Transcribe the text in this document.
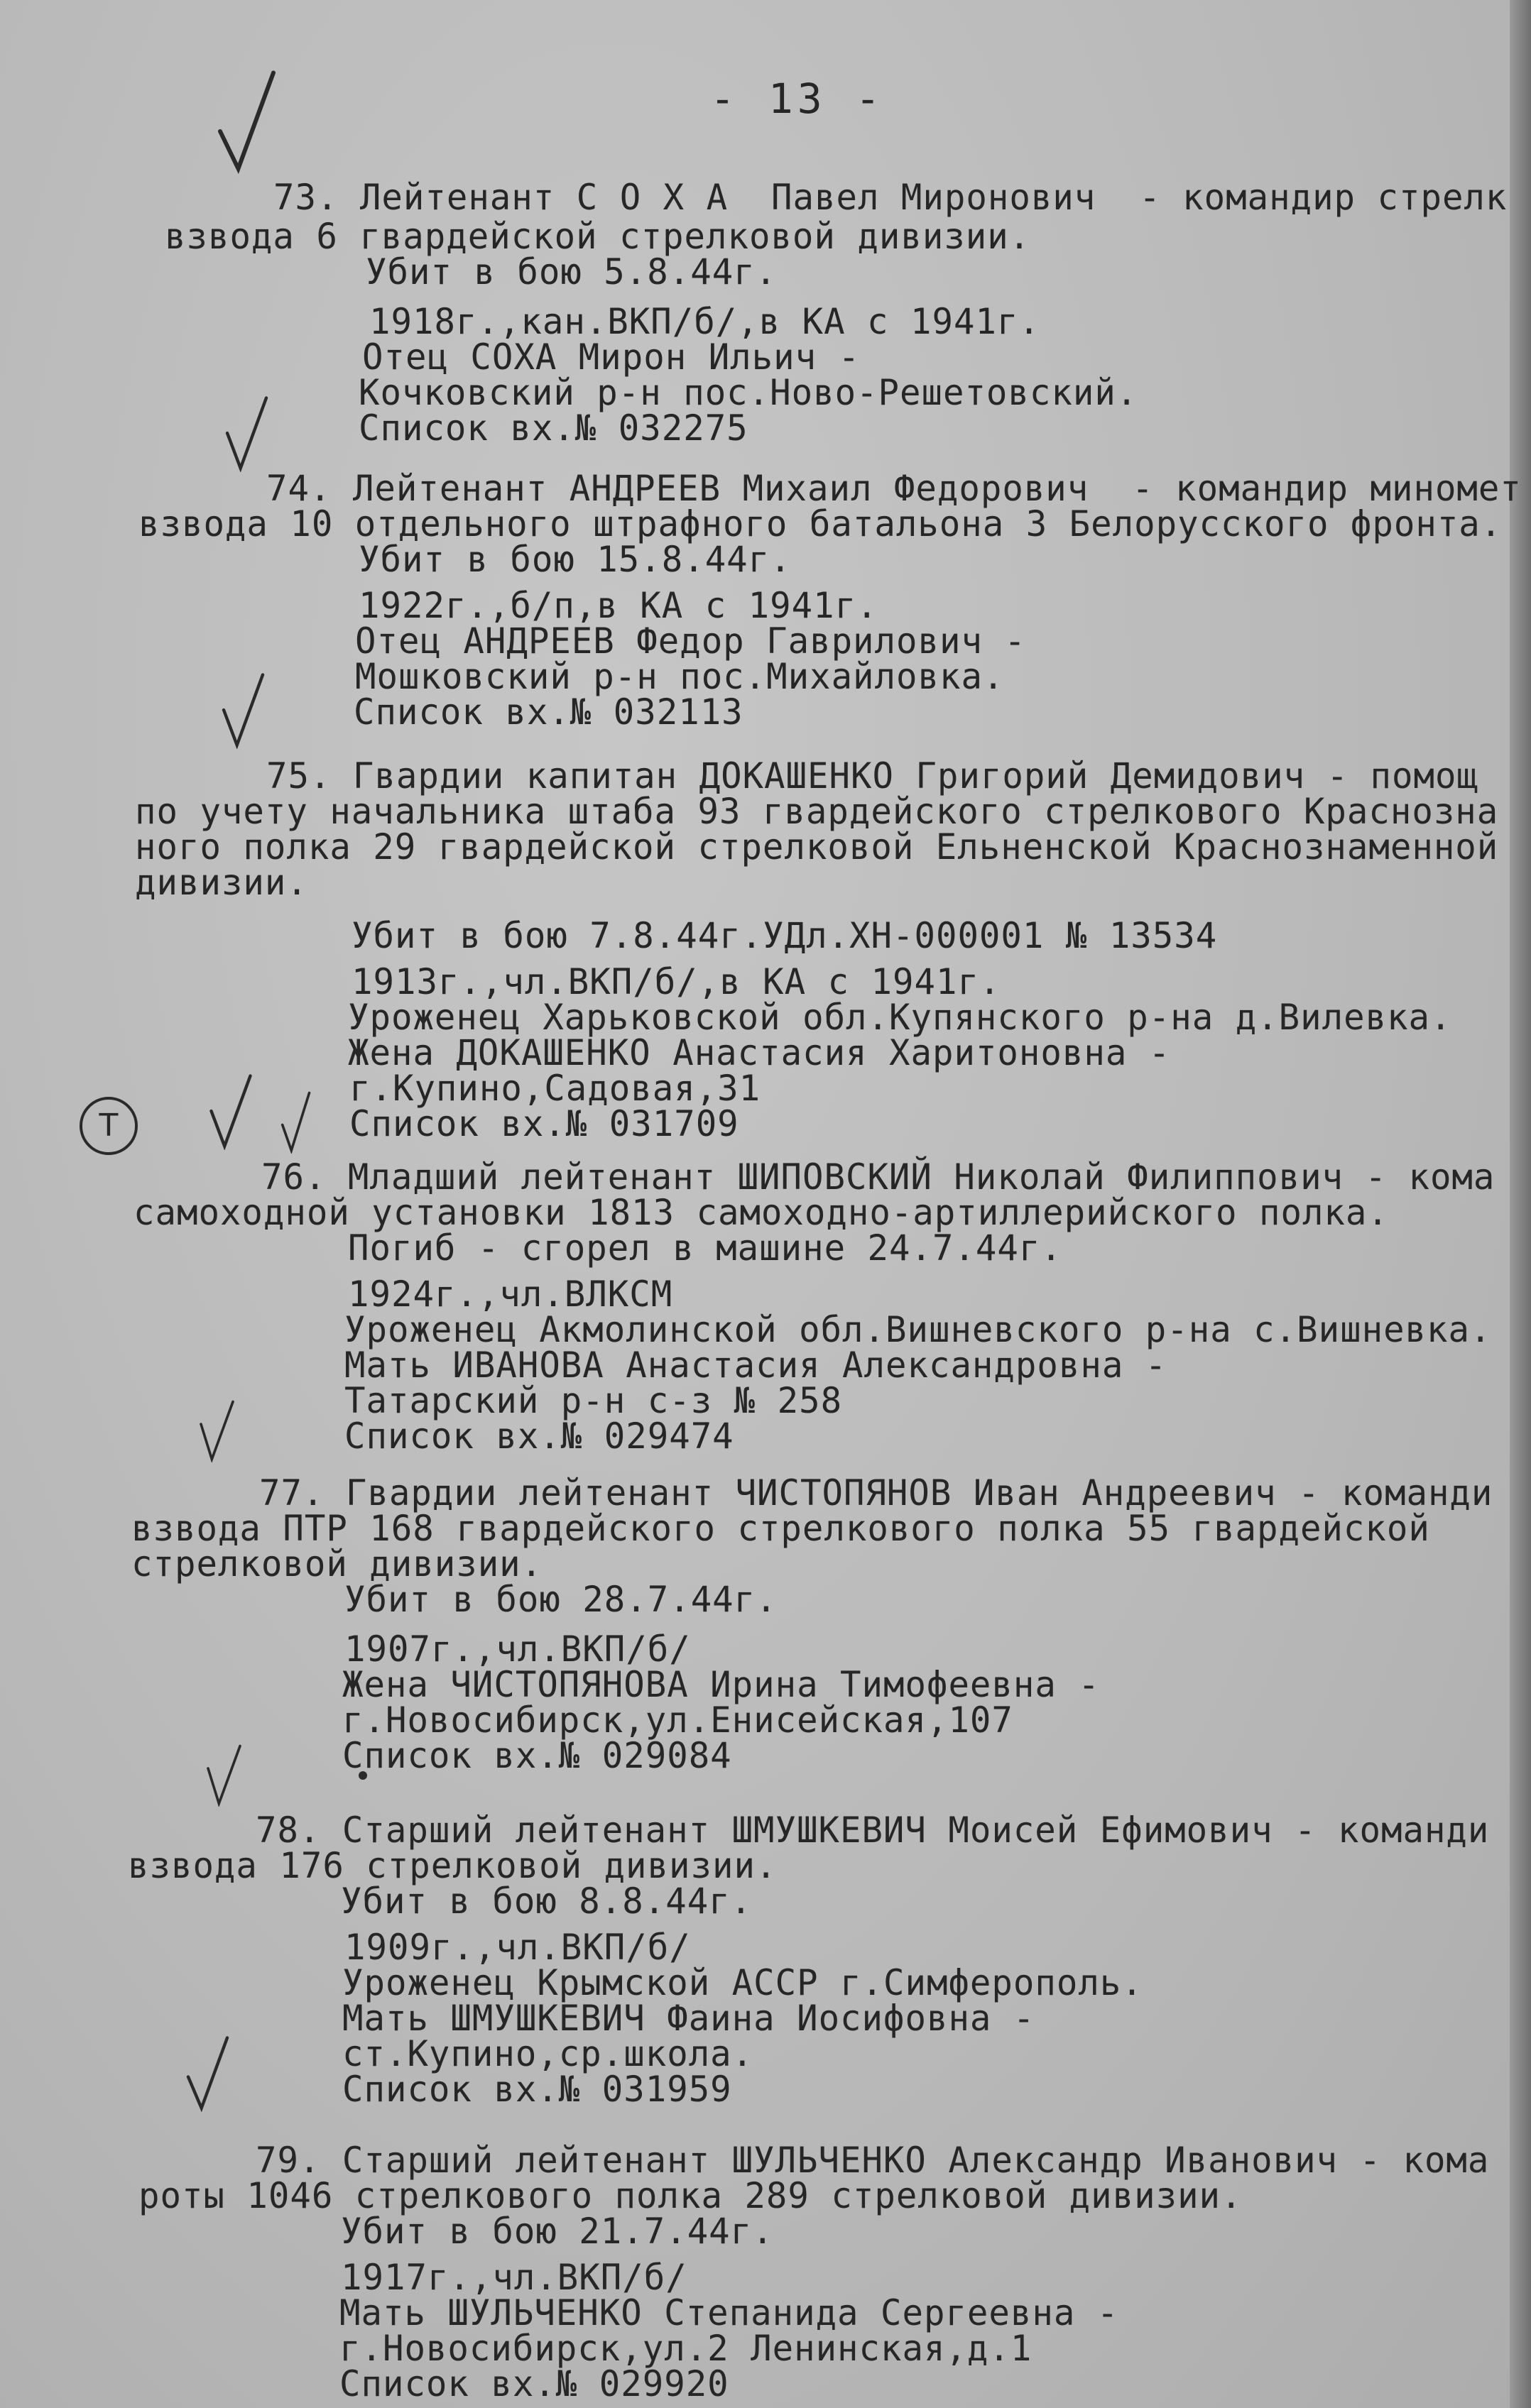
- 13 -
Т
73. Лейтенант С О Х А  Павел Миронович  - командир стрелк
взвода 6 гвардейской стрелковой дивизии.
Убит в бою 5.8.44г.
1918г.,кан.ВКП/б/,в КА с 1941г.
Отец СОХА Мирон Ильич -
Кочковский р-н пос.Ново-Решетовский.
Список вх.№ 032275
74. Лейтенант АНДРЕЕВ Михаил Федорович  - командир миномет
взвода 10 отдельного штрафного батальона 3 Белорусского фронта.
Убит в бою 15.8.44г.
1922г.,б/п,в КА с 1941г.
Отец АНДРЕЕВ Федор Гаврилович -
Мошковский р-н пос.Михайловка.
Список вх.№ 032113
75. Гвардии капитан ДОКАШЕНКО Григорий Демидович - помощ
по учету начальника штаба 93 гвардейского стрелкового Краснозна
ного полка 29 гвардейской стрелковой Ельненской Краснознаменной
дивизии.
Убит в бою 7.8.44г.УДл.ХН-000001 № 13534
1913г.,чл.ВКП/б/,в КА с 1941г.
Уроженец Харьковской обл.Купянского р-на д.Вилевка.
Жена ДОКАШЕНКО Анастасия Харитоновна -
г.Купино,Садовая,31
Список вх.№ 031709
76. Младший лейтенант ШИПОВСКИЙ Николай Филиппович - кома
самоходной установки 1813 самоходно-артиллерийского полка.
Погиб - сгорел в машине 24.7.44г.
1924г.,чл.ВЛКСМ
Уроженец Акмолинской обл.Вишневского р-на с.Вишневка.
Мать ИВАНОВА Анастасия Александровна -
Татарский р-н с-з № 258
Список вх.№ 029474
77. Гвардии лейтенант ЧИСТОПЯНОВ Иван Андреевич - команди
взвода ПТР 168 гвардейского стрелкового полка 55 гвардейской
стрелковой дивизии.
Убит в бою 28.7.44г.
1907г.,чл.ВКП/б/
Жена ЧИСТОПЯНОВА Ирина Тимофеевна -
г.Новосибирск,ул.Енисейская,107
Список вх.№ 029084
78. Старший лейтенант ШМУШКЕВИЧ Моисей Ефимович - команди
взвода 176 стрелковой дивизии.
Убит в бою 8.8.44г.
1909г.,чл.ВКП/б/
Уроженец Крымской АССР г.Симферополь.
Мать ШМУШКЕВИЧ Фаина Иосифовна -
ст.Купино,ср.школа.
Список вх.№ 031959
79. Старший лейтенант ШУЛЬЧЕНКО Александр Иванович - кома
роты 1046 стрелкового полка 289 стрелковой дивизии.
Убит в бою 21.7.44г.
1917г.,чл.ВКП/б/
Мать ШУЛЬЧЕНКО Степанида Сергеевна -
г.Новосибирск,ул.2 Ленинская,д.1
Список вх.№ 029920
